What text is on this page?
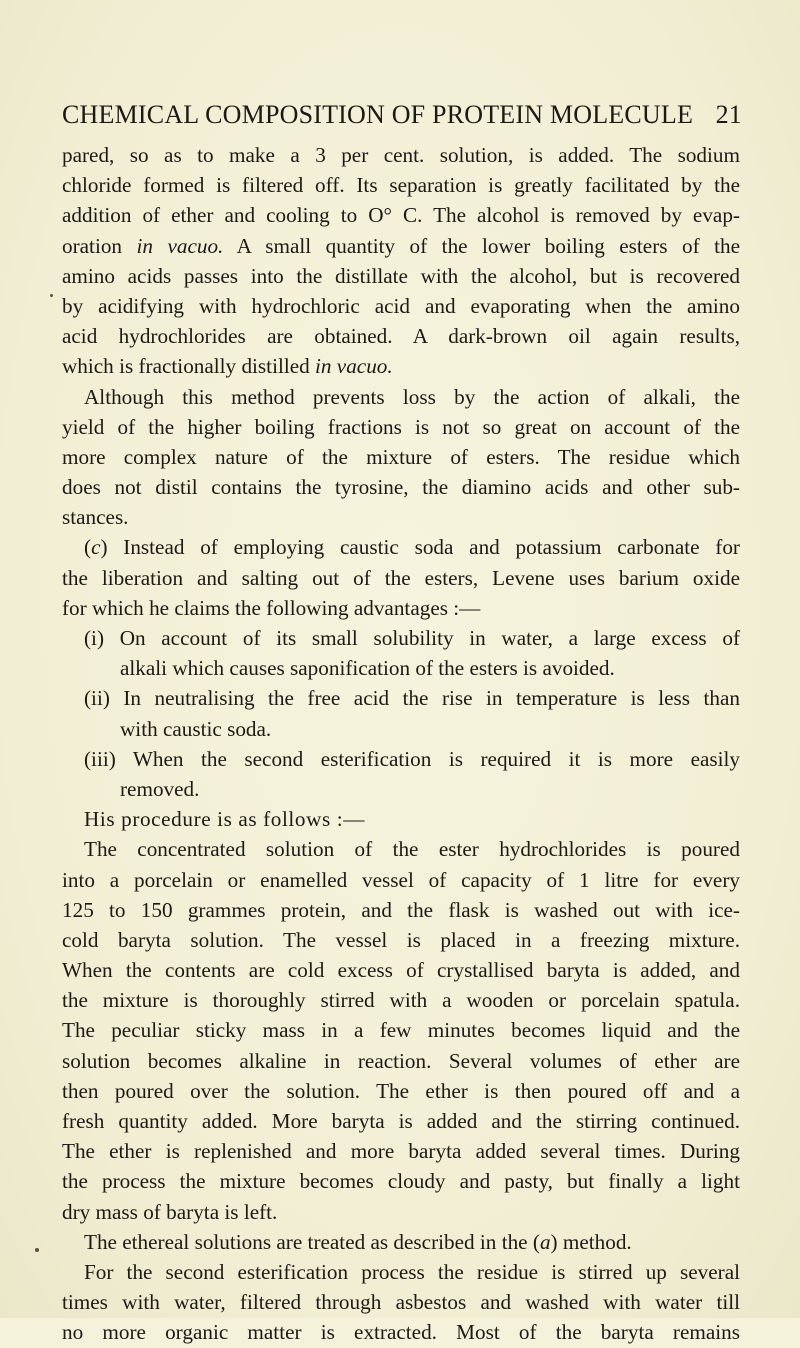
CHEMICAL COMPOSITION OF PROTEIN MOLECULE 21
pared, so as to make a 3 per cent. solution, is added. The sodium
chloride formed is filtered off. Its separation is greatly facilitated by the
addition of ether and cooling to O° C. The alcohol is removed by evap-
oration in vacuo. A small quantity of the lower boiling esters of the
amino acids passes into the distillate with the alcohol, but is recovered
by acidifying with hydrochloric acid and evaporating when the amino
acid hydrochlorides are obtained. A dark-brown oil again results,
which is fractionally distilled in vacuo.
Although this method prevents loss by the action of alkali, the
yield of the higher boiling fractions is not so great on account of the
more complex nature of the mixture of esters. The residue which
does not distil contains the tyrosine, the diamino acids and other sub-
stances.
(c) Instead of employing caustic soda and potassium carbonate for
the liberation and salting out of the esters, Levene uses barium oxide
for which he claims the following advantages :—
(i) On account of its small solubility in water, a large excess of
alkali which causes saponification of the esters is avoided.
(ii) In neutralising the free acid the rise in temperature is less than
with caustic soda.
(iii) When the second esterification is required it is more easily
removed.
His procedure is as follows :—
The concentrated solution of the ester hydrochlorides is poured
into a porcelain or enamelled vessel of capacity of 1 litre for every
125 to 150 grammes protein, and the flask is washed out with ice-
cold baryta solution. The vessel is placed in a freezing mixture.
When the contents are cold excess of crystallised baryta is added, and
the mixture is thoroughly stirred with a wooden or porcelain spatula.
The peculiar sticky mass in a few minutes becomes liquid and the
solution becomes alkaline in reaction. Several volumes of ether are
then poured over the solution. The ether is then poured off and a
fresh quantity added. More baryta is added and the stirring continued.
The ether is replenished and more baryta added several times. During
the process the mixture becomes cloudy and pasty, but finally a light
dry mass of baryta is left.
The ethereal solutions are treated as described in the (a) method.
For the second esterification process the residue is stirred up several
times with water, filtered through asbestos and washed with water till
no more organic matter is extracted. Most of the baryta remains
